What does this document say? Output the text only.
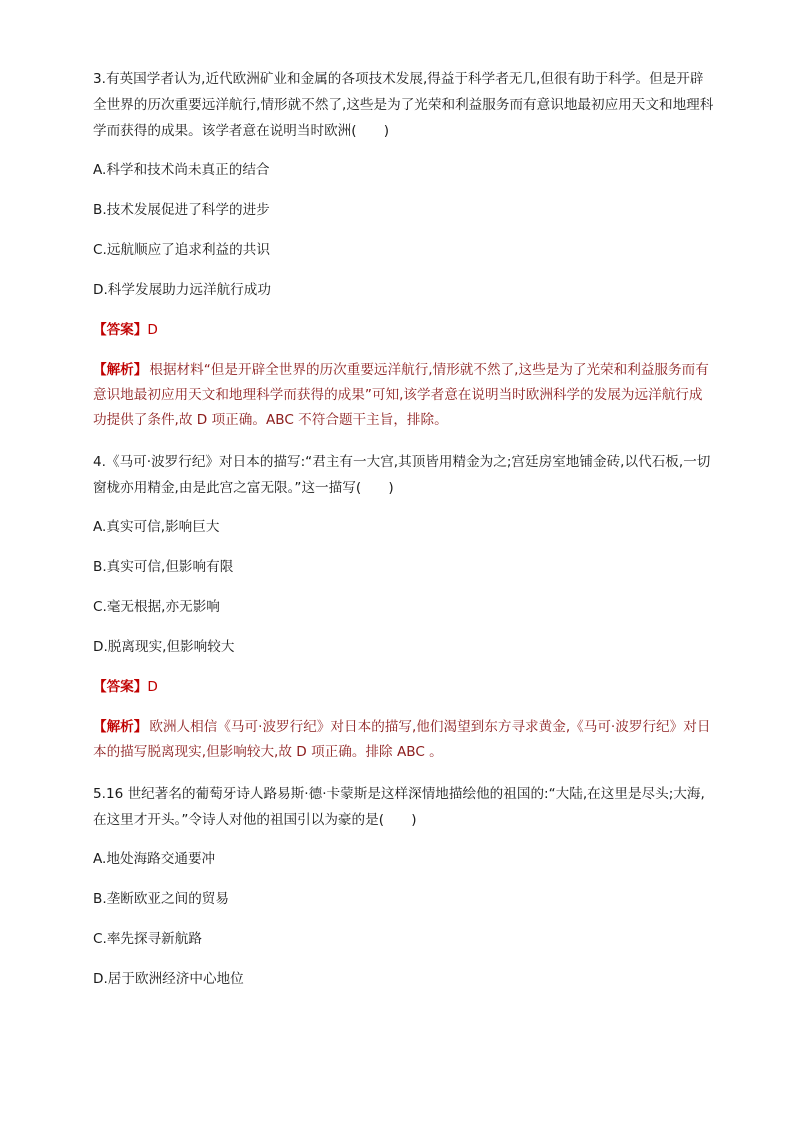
3.有英国学者认为,近代欧洲矿业和金属的各项技术发展,得益于科学者无几,但很有助于科学。但是开辟全世界的历次重要远洋航行,情形就不然了,这些是为了光荣和利益服务而有意识地最初应用天文和地理科学而获得的成果。该学者意在说明当时欧洲(　　)

A.科学和技术尚未真正的结合

B.技术发展促进了科学的进步

C.远航顺应了追求利益的共识

D.科学发展助力远洋航行成功

【答案】D

【解析】 根据材料“但是开辟全世界的历次重要远洋航行,情形就不然了,这些是为了光荣和利益服务而有意识地最初应用天文和地理科学而获得的成果”可知,该学者意在说明当时欧洲科学的发展为远洋航行成功提供了条件,故 D 项正确。ABC 不符合题干主旨，排除。

4.《马可·波罗行纪》对日本的描写:“君主有一大宫,其顶皆用精金为之;宫廷房室地铺金砖,以代石板,一切窗栊亦用精金,由是此宫之富无限。”这一描写(　　)

A.真实可信,影响巨大

B.真实可信,但影响有限

C.毫无根据,亦无影响

D.脱离现实,但影响较大

【答案】D

【解析】 欧洲人相信《马可·波罗行纪》对日本的描写,他们渴望到东方寻求黄金,《马可·波罗行纪》对日本的描写脱离现实,但影响较大,故 D 项正确。排除 ABC 。

5.16 世纪著名的葡萄牙诗人路易斯·德·卡蒙斯是这样深情地描绘他的祖国的:“大陆,在这里是尽头;大海,在这里才开头。”令诗人对他的祖国引以为豪的是(　　)

A.地处海路交通要冲

B.垄断欧亚之间的贸易

C.率先探寻新航路

D.居于欧洲经济中心地位
